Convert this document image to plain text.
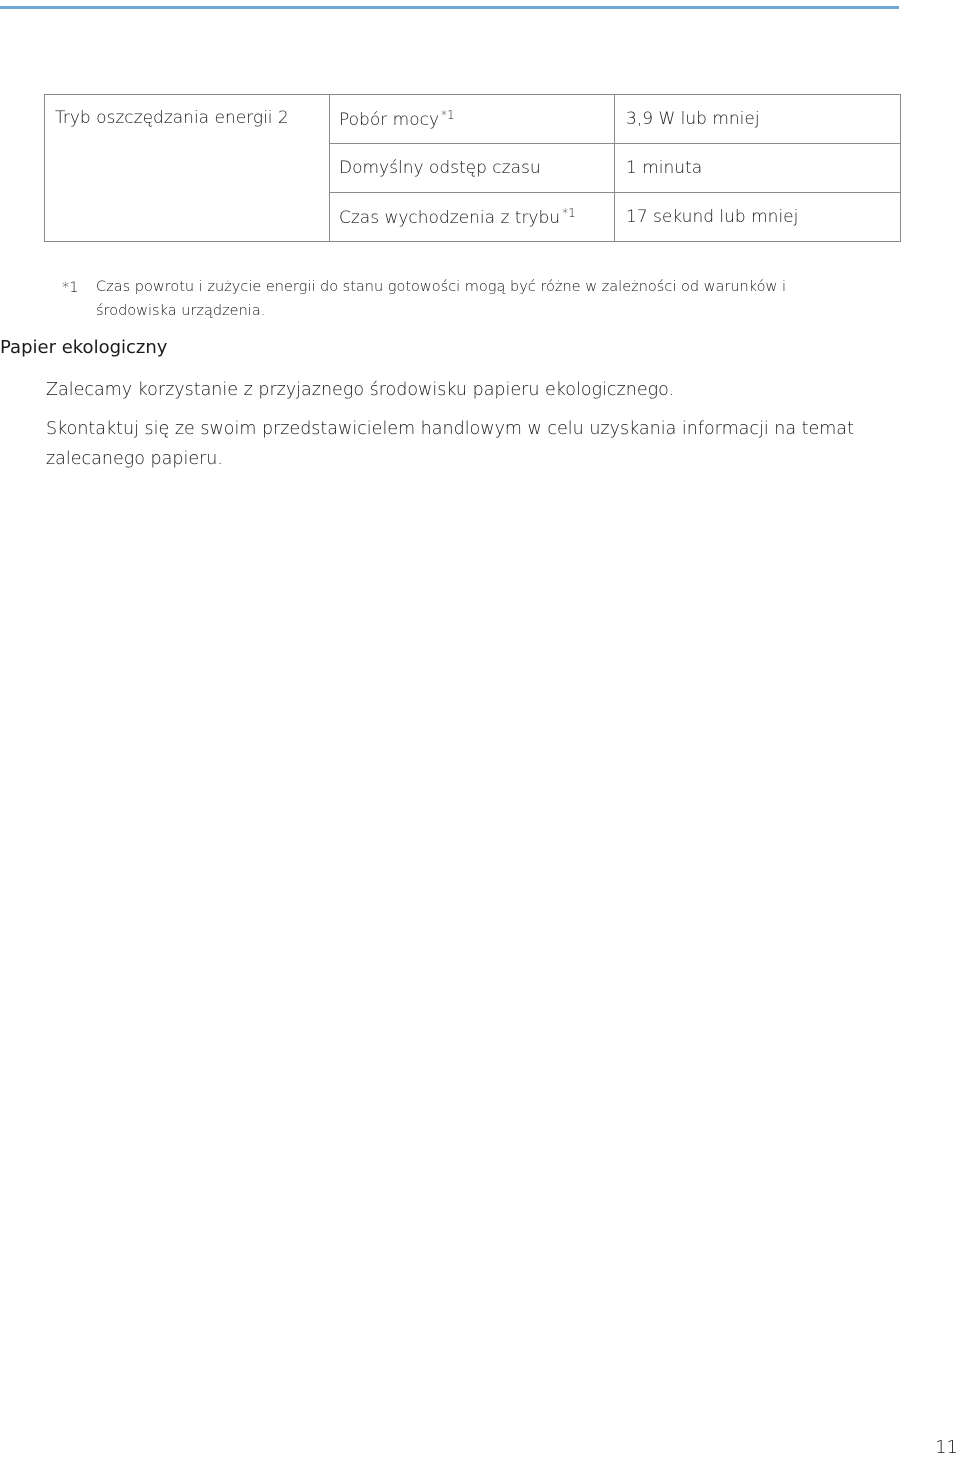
Tryb oszczędzania energii 2	Pobór mocy $^{*1}$	3,9 W lub mniej
	Domyślny odstęp czasu	1 minuta
	Czas wychodzenia z trybu $^{*1}$	17 sekund lub mniej
*1 Czas powrotu i zużycie energii do stanu gotowości mogą być różne w zależności od warunków i środowiska urządzenia.
Papier ekologiczny

Zalecamy korzystanie z przyjaznego środowisku papieru ekologicznego.

Skontaktuj się ze swoim przedstawicielem handlowym w celu uzyskania informacji na temat zalecanego papieru.

11
